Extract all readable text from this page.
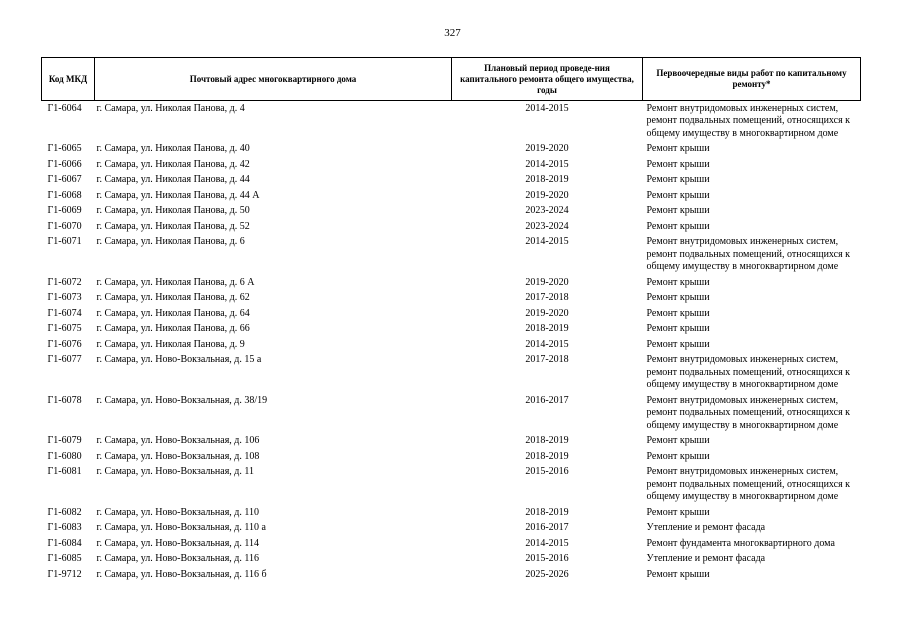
327
Код МКД	Почтовый адрес многоквартирного дома	Плановый период проведе-ния капитального ремонта общего имущества, годы	Первоочередные виды работ по капитальному ремонту*
Г1-6064	г. Самара, ул. Николая Панова, д. 4	2014-2015	Ремонт внутридомовых инженерных систем, ремонт подвальных помещений, относящихся к общему имуществу в многоквартирном доме
Г1-6065	г. Самара, ул. Николая Панова, д. 40	2019-2020	Ремонт крыши
Г1-6066	г. Самара, ул. Николая Панова, д. 42	2014-2015	Ремонт крыши
Г1-6067	г. Самара, ул. Николая Панова, д. 44	2018-2019	Ремонт крыши
Г1-6068	г. Самара, ул. Николая Панова, д. 44 А	2019-2020	Ремонт крыши
Г1-6069	г. Самара, ул. Николая Панова, д. 50	2023-2024	Ремонт крыши
Г1-6070	г. Самара, ул. Николая Панова, д. 52	2023-2024	Ремонт крыши
Г1-6071	г. Самара, ул. Николая Панова, д. 6	2014-2015	Ремонт внутридомовых инженерных систем, ремонт подвальных помещений, относящихся к общему имуществу в многоквартирном доме
Г1-6072	г. Самара, ул. Николая Панова, д. 6 А	2019-2020	Ремонт крыши
Г1-6073	г. Самара, ул. Николая Панова, д. 62	2017-2018	Ремонт крыши
Г1-6074	г. Самара, ул. Николая Панова, д. 64	2019-2020	Ремонт крыши
Г1-6075	г. Самара, ул. Николая Панова, д. 66	2018-2019	Ремонт крыши
Г1-6076	г. Самара, ул. Николая Панова, д. 9	2014-2015	Ремонт крыши
Г1-6077	г. Самара, ул. Ново-Вокзальная, д. 15 а	2017-2018	Ремонт внутридомовых инженерных систем, ремонт подвальных помещений, относящихся к общему имуществу в многоквартирном доме
Г1-6078	г. Самара, ул. Ново-Вокзальная, д. 38/19	2016-2017	Ремонт внутридомовых инженерных систем, ремонт подвальных помещений, относящихся к общему имуществу в многоквартирном доме
Г1-6079	г. Самара, ул. Ново-Вокзальная, д. 106	2018-2019	Ремонт крыши
Г1-6080	г. Самара, ул. Ново-Вокзальная, д. 108	2018-2019	Ремонт крыши
Г1-6081	г. Самара, ул. Ново-Вокзальная, д. 11	2015-2016	Ремонт внутридомовых инженерных систем, ремонт подвальных помещений, относящихся к общему имуществу в многоквартирном доме
Г1-6082	г. Самара, ул. Ново-Вокзальная, д. 110	2018-2019	Ремонт крыши
Г1-6083	г. Самара, ул. Ново-Вокзальная, д. 110 а	2016-2017	Утепление и ремонт фасада
Г1-6084	г. Самара, ул. Ново-Вокзальная, д. 114	2014-2015	Ремонт фундамента многоквартирного дома
Г1-6085	г. Самара, ул. Ново-Вокзальная, д. 116	2015-2016	Утепление и ремонт фасада
Г1-9712	г. Самара, ул. Ново-Вокзальная, д. 116 б	2025-2026	Ремонт крыши
